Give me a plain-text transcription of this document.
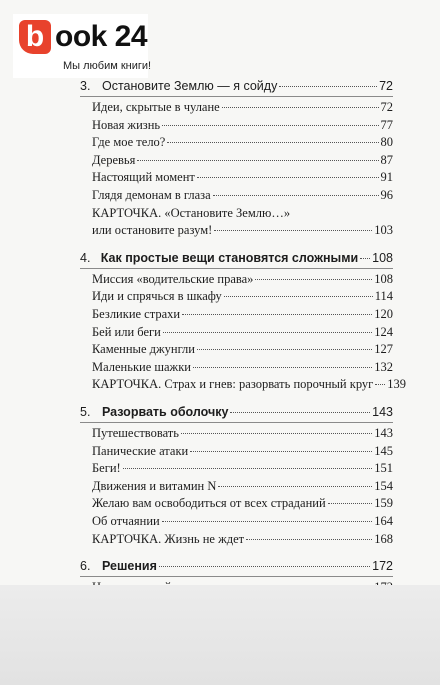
b ook 24
Мы любим книги!
3. Остановите Землю — я сойду	72
Идеи, скрытые в чулане	72
Новая жизнь	77
Где мое тело?	80
Деревья	87
Настоящий момент	91
Глядя демонам в глаза	96
КАРТОЧКА. «Остановите Землю…»
или остановите разум!	103
4. Как простые вещи становятся сложными 108
Миссия «водительские права»	108
Иди и спрячься в шкафу	114
Безликие страхи	120
Бей или беги	124
Каменные джунгли	127
Маленькие шажки	132
КАРТОЧКА. Страх и гнев: разорвать порочный круг 139
5. Разорвать оболочку	143
Путешествовать	143
Панические атаки	145
Беги!	151
Движения и витамин N	154
Желаю вам освободиться от всех страданий	159
Об отчаянии	164
КАРТОЧКА. Жизнь не ждет	168
6. Решения	172
